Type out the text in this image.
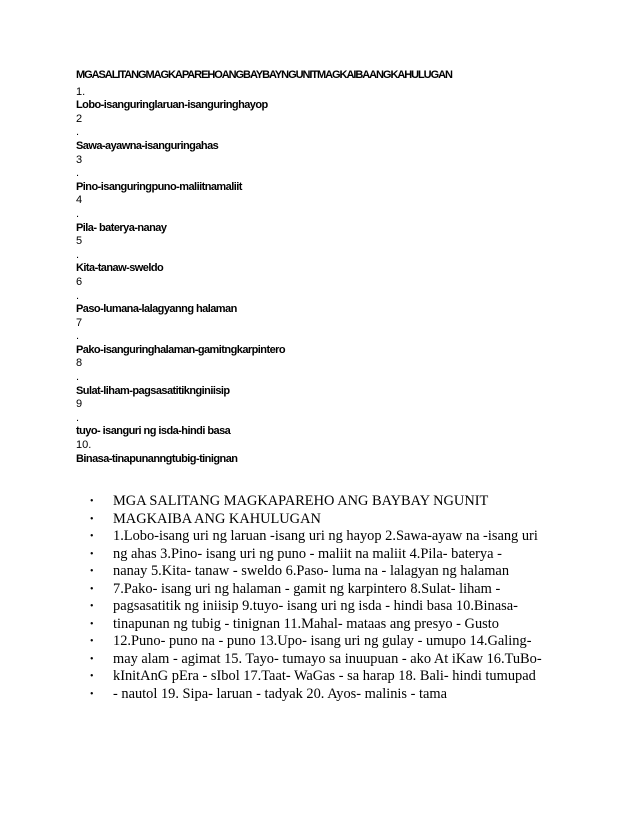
MGASALITANGMAGKAPAREHOANGBAYBAYNGUNITMAGKAIBAANGKAHULUGAN
1.
Lobo-isanguringlaruan-isanguringhayop
2
.
Sawa-ayawna-isanguringahas
3
.
Pino-isanguringpuno-maliitnamaliit
4
.
Pila- baterya-nanay
5
.
Kita-tanaw-sweldo
6
.
Paso-lumana-lalagyanng halaman
7
.
Pako-isanguringhalaman-gamitngkarpintero
8
.
Sulat-liham-pagsasatitiknginiisip
9
.
tuyo- isanguri ng isda-hindi basa
10.
Binasa-tinapunanngtubig-tinignan
•	MGA SALITANG MAGKAPAREHO ANG BAYBAY NGUNIT
•	MAGKAIBA ANG KAHULUGAN
•	1.Lobo-isang uri ng laruan -isang uri ng hayop 2.Sawa-ayaw na -isang uri
•	ng ahas 3.Pino- isang uri ng puno - maliit na maliit 4.Pila- baterya -
•	nanay 5.Kita- tanaw - sweldo 6.Paso- luma na - lalagyan ng halaman
•	7.Pako- isang uri ng halaman - gamit ng karpintero 8.Sulat- liham -
•	pagsasatitik ng iniisip 9.tuyo- isang uri ng isda - hindi basa 10.Binasa-
•	tinapunan ng tubig - tinignan 11.Mahal- mataas ang presyo - Gusto
•	12.Puno- puno na - puno 13.Upo- isang uri ng gulay - umupo 14.Galing-
•	may alam - agimat 15. Tayo- tumayo sa inuupuan - ako At iKaw 16.TuBo-
•	kInitAnG pEra - sIbol 17.Taat- WaGas - sa harap 18. Bali- hindi tumupad
•	- nautol 19. Sipa- laruan - tadyak 20. Ayos- malinis - tama
